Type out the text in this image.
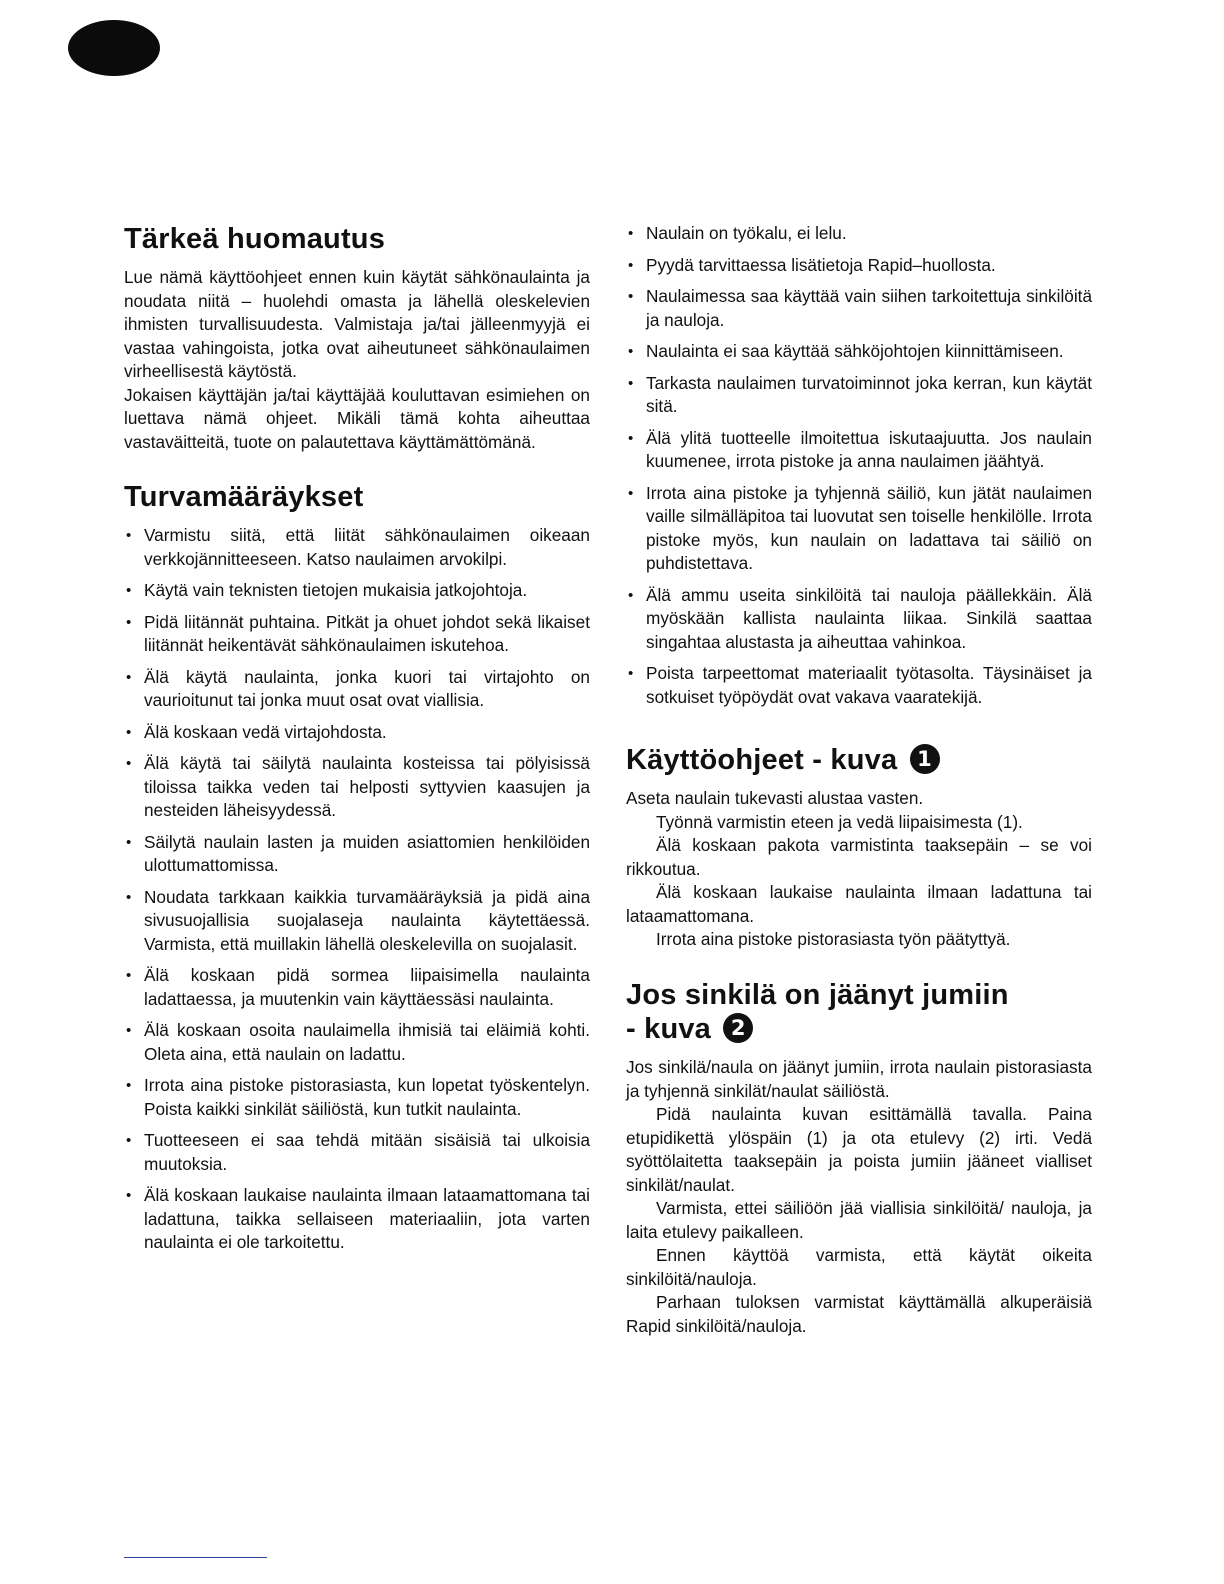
Tärkeä huomautus

Lue nämä käyttöohjeet ennen kuin käytät sähkönaulainta ja noudata niitä – huolehdi omasta ja lähellä oleskelevien ihmisten turvallisuudesta. Valmistaja ja/tai jälleenmyyjä ei vastaa vahingoista, jotka ovat aiheutuneet sähkönaulaimen virheellisestä käytöstä.

Jokaisen käyttäjän ja/tai käyttäjää kouluttavan esimiehen on luettava nämä ohjeet. Mikäli tämä kohta aiheuttaa vastaväitteitä, tuote on palautettava käyttämättömänä.

Turvamääräykset
• Varmistu siitä, että liität sähkönaulaimen oikeaan verkkojännitteeseen. Katso naulaimen arvokilpi.
• Käytä vain teknisten tietojen mukaisia jatkojohtoja.
• Pidä liitännät puhtaina. Pitkät ja ohuet johdot sekä likaiset liitännät heikentävät sähkönaulaimen iskutehoa.
• Älä käytä naulainta, jonka kuori tai virtajohto on vaurioitunut tai jonka muut osat ovat viallisia.
• Älä koskaan vedä virtajohdosta.
• Älä käytä tai säilytä naulainta kosteissa tai pölyisissä tiloissa taikka veden tai helposti syttyvien kaasujen ja nesteiden läheisyydessä.
• Säilytä naulain lasten ja muiden asiattomien henkilöiden ulottumattomissa.
• Noudata tarkkaan kaikkia turvamääräyksiä ja pidä aina sivusuojallisia suojalaseja naulainta käytettäessä. Varmista, että muillakin lähellä oleskelevilla on suojalasit.
• Älä koskaan pidä sormea liipaisimella naulainta ladattaessa, ja muutenkin vain käyttäessäsi naulainta.
• Älä koskaan osoita naulaimella ihmisiä tai eläimiä kohti. Oleta aina, että naulain on ladattu.
• Irrota aina pistoke pistorasiasta, kun lopetat työskentelyn. Poista kaikki sinkilät säiliöstä, kun tutkit naulainta.
• Tuotteeseen ei saa tehdä mitään sisäisiä tai ulkoisia muutoksia.
• Älä koskaan laukaise naulainta ilmaan lataamattomana tai ladattuna, taikka sellaiseen materiaaliin, jota varten naulainta ei ole tarkoitettu.
• Naulain on työkalu, ei lelu.
• Pyydä tarvittaessa lisätietoja Rapid–huollosta.
• Naulaimessa saa käyttää vain siihen tarkoitettuja sinkilöitä ja nauloja.
• Naulainta ei saa käyttää sähköjohtojen kiinnittämiseen.
• Tarkasta naulaimen turvatoiminnot joka kerran, kun käytät sitä.
• Älä ylitä tuotteelle ilmoitettua iskutaajuutta. Jos naulain kuumenee, irrota pistoke ja anna naulaimen jäähtyä.
• Irrota aina pistoke ja tyhjennä säiliö, kun jätät naulaimen vaille silmälläpitoa tai luovutat sen toiselle henkilölle. Irrota pistoke myös, kun naulain on ladattava tai säiliö on puhdistettava.
• Älä ammu useita sinkilöitä tai nauloja päällekkäin. Älä myöskään kallista naulainta liikaa. Sinkilä saattaa singahtaa alustasta ja aiheuttaa vahinkoa.
• Poista tarpeettomat materiaalit työtasolta. Täysinäiset ja sotkuiset työpöydät ovat vakava vaaratekijä.
Käyttöohjeet - kuva 1

Aseta naulain tukevasti alustaa vasten.

Työnnä varmistin eteen ja vedä liipaisimesta (1).

Älä koskaan pakota varmistinta taaksepäin – se voi rikkoutua.

Älä koskaan laukaise naulainta ilmaan ladattuna tai lataamattomana.

Irrota aina pistoke pistorasiasta työn päätyttyä.

Jos sinkilä on jäänyt jumiin
- kuva 2

Jos sinkilä/naula on jäänyt jumiin, irrota naulain pistorasiasta ja tyhjennä sinkilät/naulat säiliöstä.

Pidä naulainta kuvan esittämällä tavalla. Paina etupidikettä ylöspäin (1) ja ota etulevy (2) irti. Vedä syöttölaitetta taaksepäin ja poista jumiin jääneet vialliset sinkilät/naulat.

Varmista, ettei säiliöön jää viallisia sinkilöitä/ nauloja, ja laita etulevy paikalleen.

Ennen käyttöä varmista, että käytät oikeita sinkilöitä/nauloja.

Parhaan tuloksen varmistat käyttämällä alkuperäisiä Rapid sinkilöitä/nauloja.
